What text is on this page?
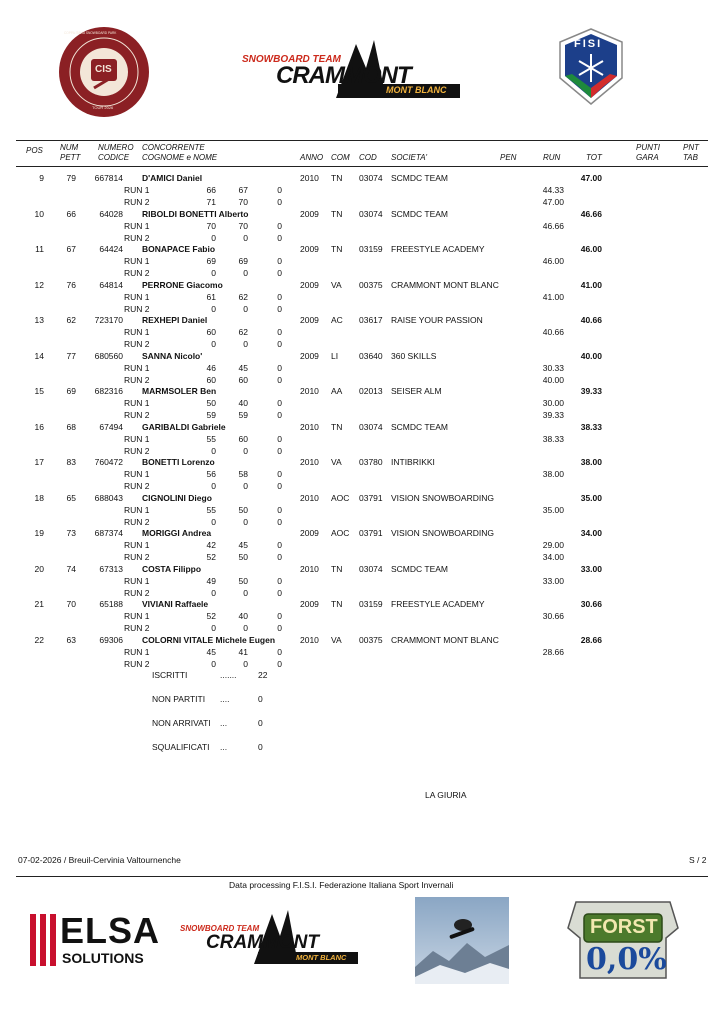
CIS
TOUR 2026
COPPA ITALIA SNOWBOARD PARK
SNOWBOARD TEAM
CRAMMONT
MONT BLANC
FISI
POS NUM
PETT
NUMERO
CODICE
CONCORRENTE
COGNOME e NOME	ANNO COM COD SOCIETA'	PEN	RUN	TOT
PUNTI
GARA
PNT
TAB
9	79 667814 D'AMICI Daniel	2010 TN 03074 SCMDC TEAM	47.00
RUN 1	66	67	0	44.33
RUN 2	71	70	0	47.00
10	66	64028 RIBOLDI BONETTI Alberto	2009 TN 03074 SCMDC TEAM	46.66
RUN 1	70	70	0	46.66
RUN 2	0	0	0
11	67	64424 BONAPACE Fabio	2009 TN 03159 FREESTYLE ACADEMY	46.00
RUN 1	69	69	0	46.00
RUN 2	0	0	0
12	76	64814 PERRONE Giacomo	2009 VA 00375 CRAMMONT MONT BLANC	41.00
RUN 1	61	62	0	41.00
RUN 2	0	0	0
13	62 723170 REXHEPI Daniel	2009 AC 03617 RAISE YOUR PASSION	40.66
RUN 1	60	62	0	40.66
RUN 2	0	0	0
14	77 680560 SANNA Nicolo'	2009 LI 03640 360 SKILLS	40.00
RUN 1	46	45	0	30.33
RUN 2	60	60	0	40.00
15	69 682316 MARMSOLER Ben	2010 AA 02013 SEISER ALM	39.33
RUN 1	50	40	0	30.00
RUN 2	59	59	0	39.33
16	68	67494 GARIBALDI Gabriele	2010 TN 03074 SCMDC TEAM	38.33
RUN 1	55	60	0	38.33
RUN 2	0	0	0
17	83 760472 BONETTI Lorenzo	2010 VA 03780 INTIBRIKKI	38.00
RUN 1	56	58	0	38.00
RUN 2	0	0	0
18	65 688043 CIGNOLINI Diego	2010 AOC 03791 VISION SNOWBOARDING	35.00
RUN 1	55	50	0	35.00
RUN 2	0	0	0
19	73 687374 MORIGGI Andrea	2009 AOC 03791 VISION SNOWBOARDING	34.00
RUN 1	42	45	0	29.00
RUN 2	52	50	0	34.00
20	74	67313 COSTA Filippo	2010 TN 03074 SCMDC TEAM	33.00
RUN 1	49	50	0	33.00
RUN 2	0	0	0
21	70	65188 VIVIANI Raffaele	2009 TN 03159 FREESTYLE ACADEMY	30.66
RUN 1	52	40	0	30.66
RUN 2	0	0	0
22	63	69306 COLORNI VITALE Michele Eugen	2010 VA 00375 CRAMMONT MONT BLANC	28.66
RUN 1	45	41	0	28.66
RUN 2	0	0	0
ISCRITTI	.......	22
NON PARTITI ....	0
NON ARRIVATI ...	0
SQUALIFICATI ...	0
LA GIURIA
07-02-2026 / Breuil-Cervinia Valtournenche	S / 2
Data processing F.I.S.I. Federazione Italiana Sport Invernali
ELSA
SOLUTIONS
SNOWBOARD TEAM
CRAMMONT
MONT BLANC
FORST
0,0%
